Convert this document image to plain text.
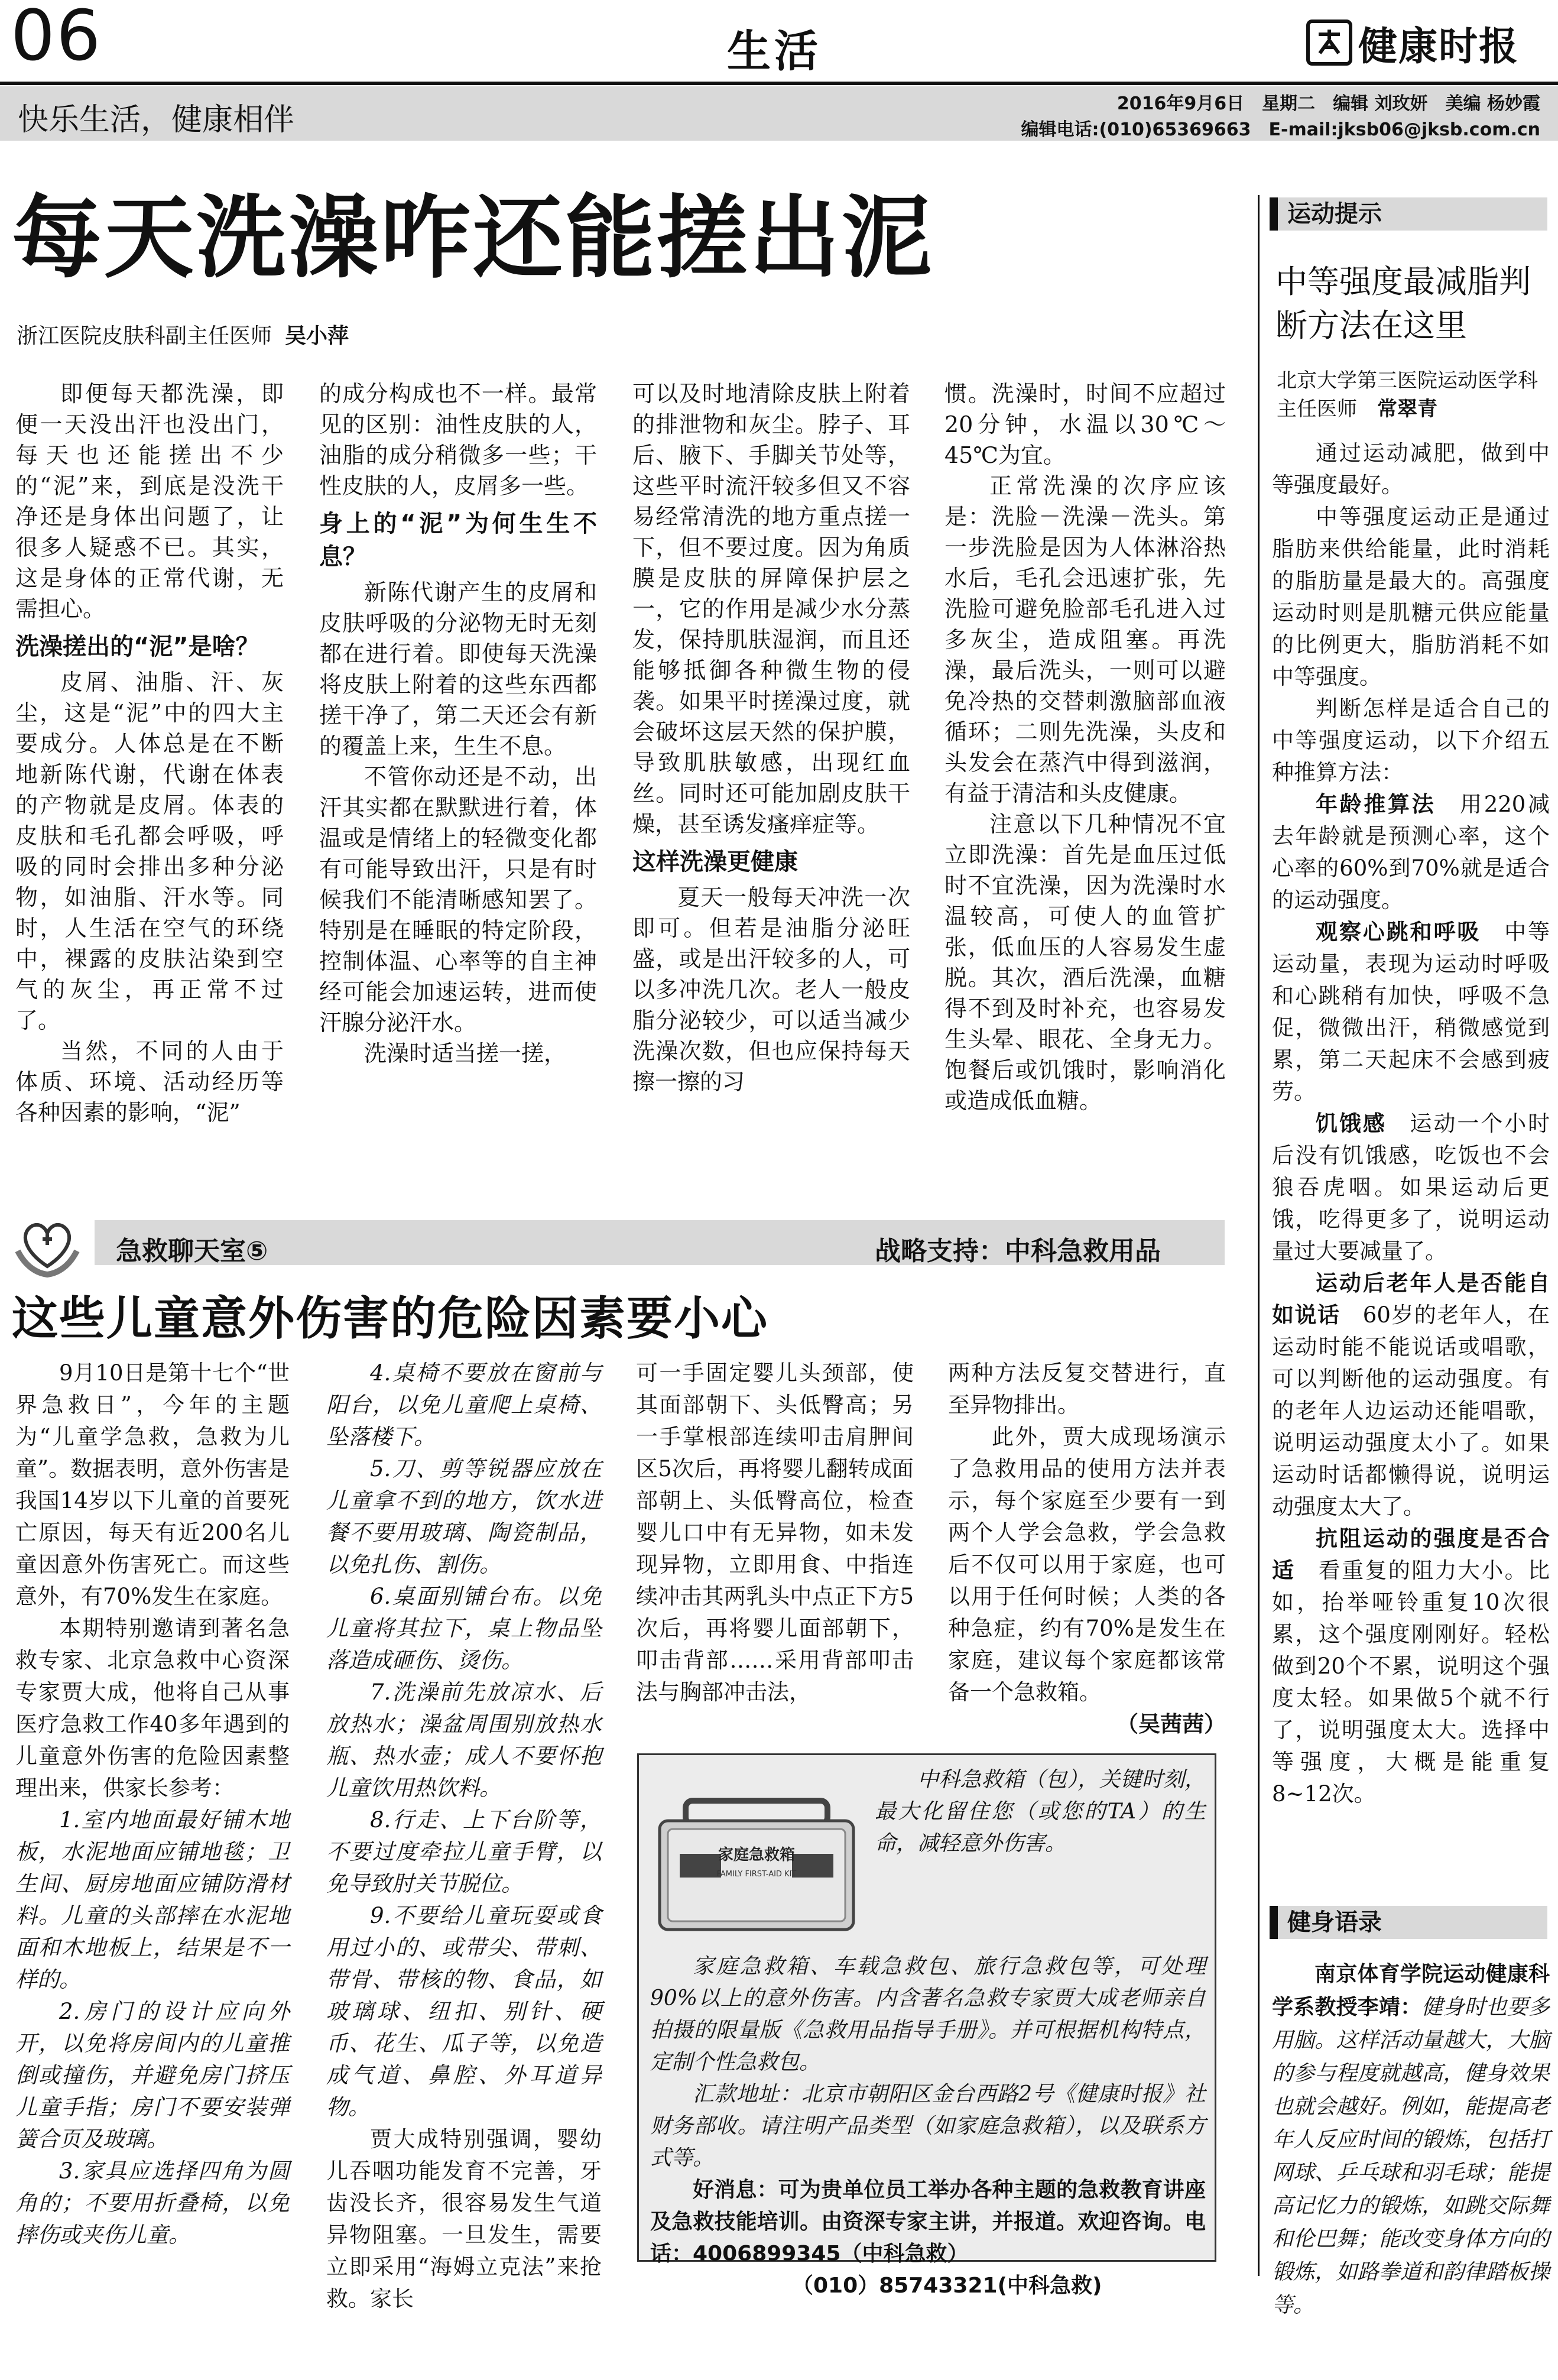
06	生活	健康时报
快乐生活，健康相伴	2016年9月6日　星期二　编辑 刘玫妍　美编 杨妙霞
编辑电话:(010)65369663　E-mail:jksb06@jksb.com.cn
每天洗澡咋还能搓出泥
浙江医院皮肤科副主任医师 吴小萍

即便每天都洗澡，即便一天没出汗也没出门，每天也还能搓出不少的“泥”来，到底是没洗干净还是身体出问题了，让很多人疑惑不已。其实，这是身体的正常代谢，无需担心。

洗澡搓出的“泥”是啥？

皮屑、油脂、汗、灰尘，这是“泥”中的四大主要成分。人体总是在不断地新陈代谢，代谢在体表的产物就是皮屑。体表的皮肤和毛孔都会呼吸，呼吸的同时会排出多种分泌物，如油脂、汗水等。同时，人生活在空气的环绕中，裸露的皮肤沾染到空气的灰尘，再正常不过了。

当然，不同的人由于体质、环境、活动经历等各种因素的影响，“泥”

的成分构成也不一样。最常见的区别：油性皮肤的人，油脂的成分稍微多一些；干性皮肤的人，皮屑多一些。

身上的“泥”为何生生不息？

新陈代谢产生的皮屑和皮肤呼吸的分泌物无时无刻都在进行着。即使每天洗澡将皮肤上附着的这些东西都搓干净了，第二天还会有新的覆盖上来，生生不息。

不管你动还是不动，出汗其实都在默默进行着，体温或是情绪上的轻微变化都有可能导致出汗，只是有时候我们不能清晰感知罢了。特别是在睡眠的特定阶段，控制体温、心率等的自主神经可能会加速运转，进而使汗腺分泌汗水。

洗澡时适当搓一搓，

可以及时地清除皮肤上附着的排泄物和灰尘。脖子、耳后、腋下、手脚关节处等，这些平时流汗较多但又不容易经常清洗的地方重点搓一下，但不要过度。因为角质膜是皮肤的屏障保护层之一，它的作用是减少水分蒸发，保持肌肤湿润，而且还能够抵御各种微生物的侵袭。如果平时搓澡过度，就会破坏这层天然的保护膜，导致肌肤敏感，出现红血丝。同时还可能加剧皮肤干燥，甚至诱发瘙痒症等。

这样洗澡更健康

夏天一般每天冲洗一次即可。但若是油脂分泌旺盛，或是出汗较多的人，可以多冲洗几次。老人一般皮脂分泌较少，可以适当减少洗澡次数，但也应保持每天擦一擦的习

惯。洗澡时，时间不应超过20分钟，水温以30℃～45℃为宜。

正常洗澡的次序应该是：洗脸－洗澡－洗头。第一步洗脸是因为人体淋浴热水后，毛孔会迅速扩张，先洗脸可避免脸部毛孔进入过多灰尘，造成阻塞。再洗澡，最后洗头，一则可以避免冷热的交替刺激脑部血液循环；二则先洗澡，头皮和头发会在蒸汽中得到滋润，有益于清洁和头皮健康。

注意以下几种情况不宜立即洗澡：首先是血压过低时不宜洗澡，因为洗澡时水温较高，可使人的血管扩张，低血压的人容易发生虚脱。其次，酒后洗澡，血糖得不到及时补充，也容易发生头晕、眼花、全身无力。饱餐后或饥饿时，影响消化或造成低血糖。

运动提示
中等强度最减脂判断方法在这里
北京大学第三医院运动医学科主任医师　 常翠青

通过运动减肥，做到中等强度最好。

中等强度运动正是通过脂肪来供给能量，此时消耗的脂肪量是最大的。高强度运动时则是肌糖元供应能量的比例更大，脂肪消耗不如中等强度。

判断怎样是适合自己的中等强度运动，以下介绍五种推算方法：

年龄推算法　用220减去年龄就是预测心率，这个心率的60%到70%就是适合的运动强度。

观察心跳和呼吸　中等运动量，表现为运动时呼吸和心跳稍有加快，呼吸不急促，微微出汗，稍微感觉到累，第二天起床不会感到疲劳。

饥饿感　运动一个小时后没有饥饿感，吃饭也不会狼吞虎咽。如果运动后更饿，吃得更多了，说明运动量过大要减量了。

运动后老年人是否能自如说话　60岁的老年人，在运动时能不能说话或唱歌，可以判断他的运动强度。有的老年人边运动还能唱歌，说明运动强度太小了。如果运动时话都懒得说，说明运动强度太大了。

抗阻运动的强度是否合适　看重复的阻力大小。比如，抬举哑铃重复10次很累，这个强度刚刚好。轻松做到20个不累，说明这个强度太轻。如果做5个就不行了，说明强度太大。选择中等强度，大概是能重复8~12次。

健身语录

南京体育学院运动健康科学系教授李靖：健身时也要多用脑。这样活动量越大，大脑的参与程度就越高，健身效果也就会越好。例如，能提高老年人反应时间的锻炼，包括打网球、乒乓球和羽毛球；能提高记忆力的锻炼，如跳交际舞和伦巴舞；能改变身体方向的锻炼，如路拳道和韵律踏板操等。

急救聊天室⑤	战略支持：中科急救用品
这些儿童意外伤害的危险因素要小心

9月10日是第十七个“世界急救日”，今年的主题为“儿童学急救，急救为儿童”。数据表明，意外伤害是我国14岁以下儿童的首要死亡原因，每天有近200名儿童因意外伤害死亡。而这些意外，有70%发生在家庭。

本期特别邀请到著名急救专家、北京急救中心资深专家贾大成，他将自己从事医疗急救工作40多年遇到的儿童意外伤害的危险因素整理出来，供家长参考：

1.室内地面最好铺木地板，水泥地面应铺地毯；卫生间、厨房地面应铺防滑材料。儿童的头部摔在水泥地面和木地板上，结果是不一样的。

2.房门的设计应向外开，以免将房间内的儿童推倒或撞伤，并避免房门挤压儿童手指；房门不要安装弹簧合页及玻璃。

3.家具应选择四角为圆角的；不要用折叠椅，以免摔伤或夹伤儿童。

4.桌椅不要放在窗前与阳台，以免儿童爬上桌椅、坠落楼下。

5.刀、剪等锐器应放在儿童拿不到的地方，饮水进餐不要用玻璃、陶瓷制品，以免扎伤、割伤。

6.桌面别铺台布。以免儿童将其拉下，桌上物品坠落造成砸伤、烫伤。

7.洗澡前先放凉水、后放热水；澡盆周围别放热水瓶、热水壶；成人不要怀抱儿童饮用热饮料。

8.行走、上下台阶等，不要过度牵拉儿童手臂，以免导致肘关节脱位。

9.不要给儿童玩耍或食用过小的、或带尖、带刺、带骨、带核的物、食品，如玻璃球、纽扣、别针、硬币、花生、瓜子等，以免造成气道、鼻腔、外耳道异物。

贾大成特别强调，婴幼儿吞咽功能发育不完善，牙齿没长齐，很容易发生气道异物阻塞。一旦发生，需要立即采用“海姆立克法”来抢救。家长

可一手固定婴儿头颈部，使其面部朝下、头低臀高；另一手掌根部连续叩击肩胛间区5次后，再将婴儿翻转成面部朝上、头低臀高位，检查婴儿口中有无异物，如未发现异物，立即用食、中指连续冲击其两乳头中点正下方5次后，再将婴儿面部朝下，叩击背部……采用背部叩击法与胸部冲击法，

两种方法反复交替进行，直至异物排出。

此外，贾大成现场演示了急救用品的使用方法并表示，每个家庭至少要有一到两个人学会急救，学会急救后不仅可以用于家庭，也可以用于任何时候；人类的各种急症，约有70%是发生在家庭，建议每个家庭都该常备一个急救箱。

（吴茜茜）

家庭急救箱
FAMILY FIRST-AID KIT

中科急救箱（包），关键时刻，最大化留住您（或您的TA）的生命，减轻意外伤害。

家庭急救箱、车载急救包、旅行急救包等，可处理90%以上的意外伤害。内含著名急救专家贾大成老师亲自拍摄的限量版《急救用品指导手册》。并可根据机构特点，定制个性急救包。

汇款地址：北京市朝阳区金台西路2号《健康时报》社财务部收。请注明产品类型（如家庭急救箱），以及联系方式等。

好消息：可为贵单位员工举办各种主题的急救教育讲座及急救技能培训。由资深专家主讲，并报道。欢迎咨询。电话：4006899345（中科急救）

（010）85743321(中科急救)
